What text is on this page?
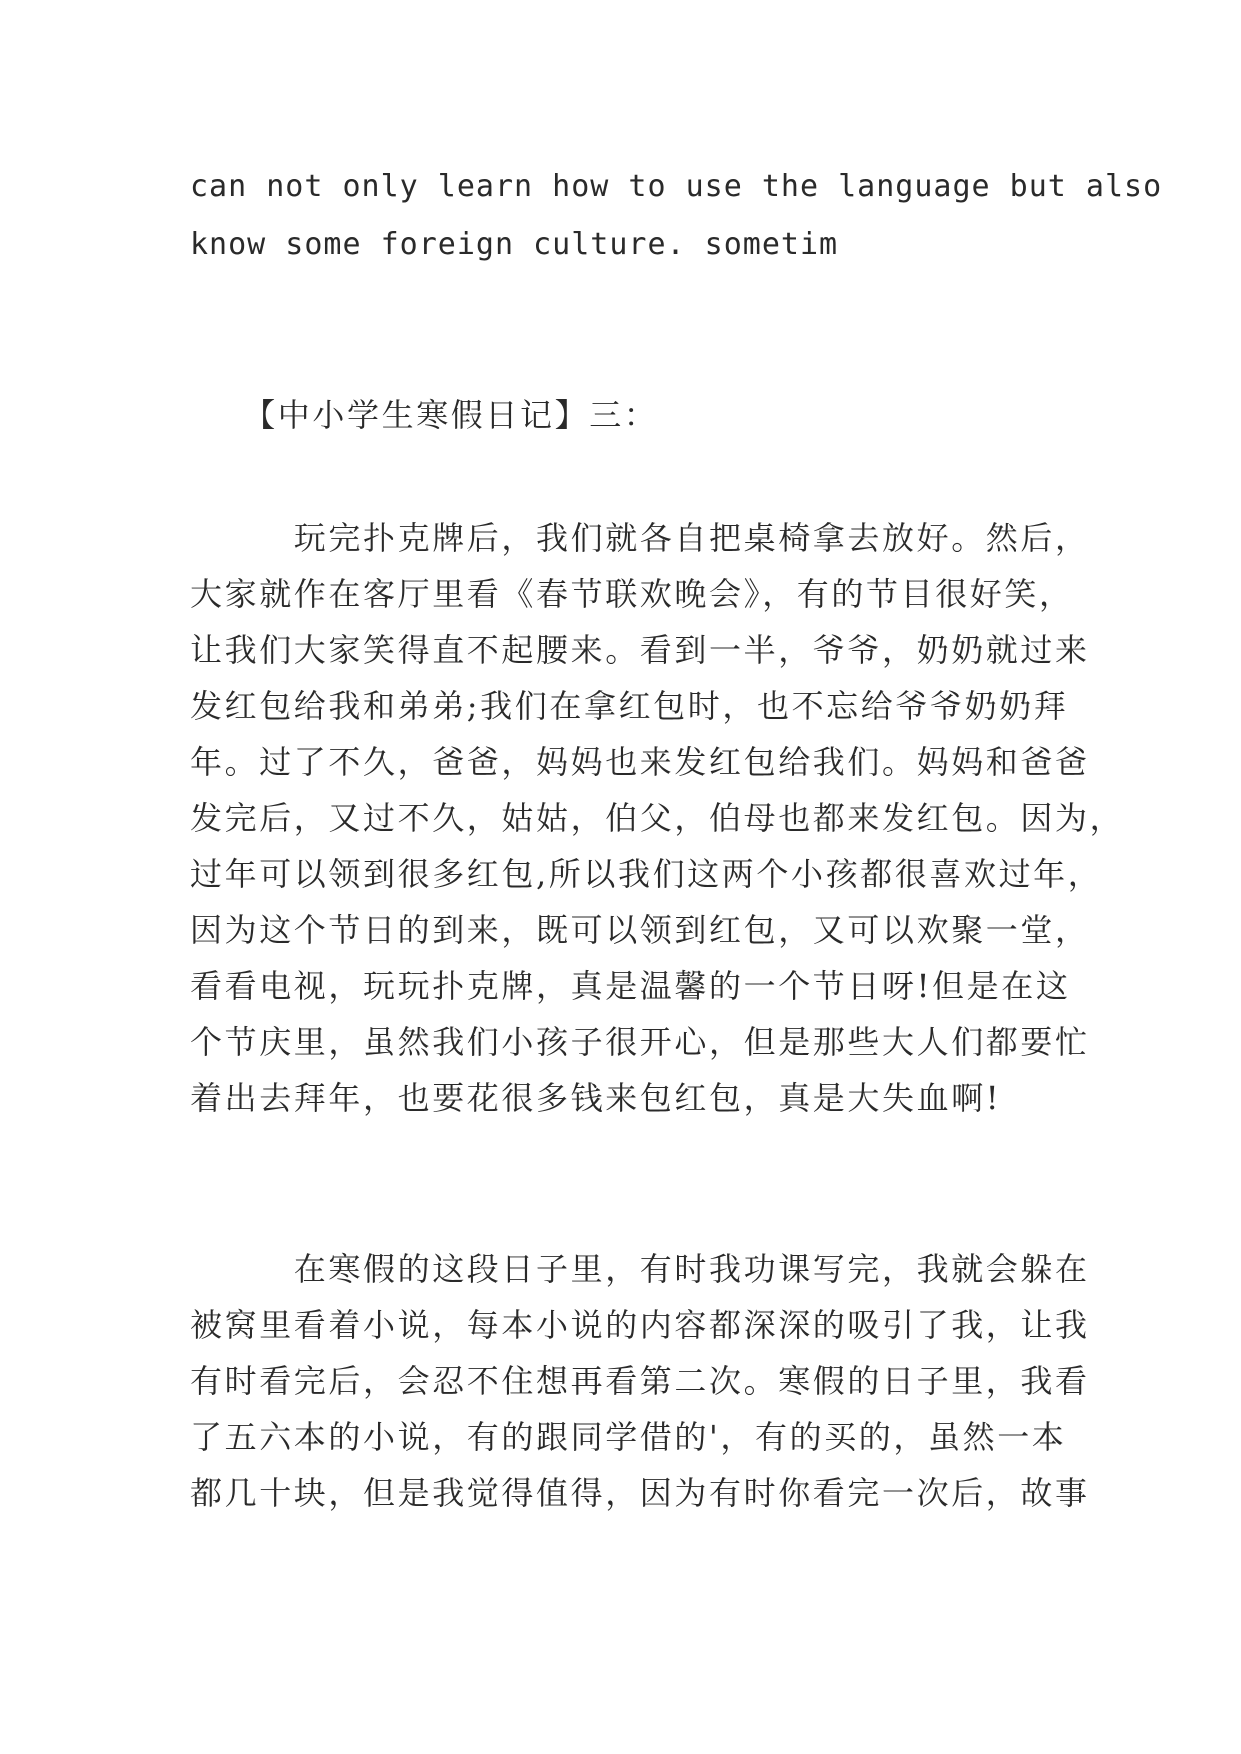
can not only learn how to use the language but also
know some foreign culture. sometim
　　【中小学生寒假日记】三：
　　　玩完扑克牌后，我们就各自把桌椅拿去放好。然后，
大家就作在客厅里看《春节联欢晚会》，有的节目很好笑，
让我们大家笑得直不起腰来。看到一半，爷爷，奶奶就过来
发红包给我和弟弟;我们在拿红包时，也不忘给爷爷奶奶拜
年。过了不久，爸爸，妈妈也来发红包给我们。妈妈和爸爸
发完后，又过不久，姑姑，伯父，伯母也都来发红包。因为，
过年可以领到很多红包,所以我们这两个小孩都很喜欢过年，
因为这个节日的到来，既可以领到红包，又可以欢聚一堂，
看看电视，玩玩扑克牌，真是温馨的一个节日呀!但是在这
个节庆里，虽然我们小孩子很开心，但是那些大人们都要忙
着出去拜年，也要花很多钱来包红包，真是大失血啊!
　　　在寒假的这段日子里，有时我功课写完，我就会躲在
被窝里看着小说，每本小说的内容都深深的吸引了我，让我
有时看完后，会忍不住想再看第二次。寒假的日子里，我看
了五六本的小说，有的跟同学借的'，有的买的，虽然一本
都几十块，但是我觉得值得，因为有时你看完一次后，故事
